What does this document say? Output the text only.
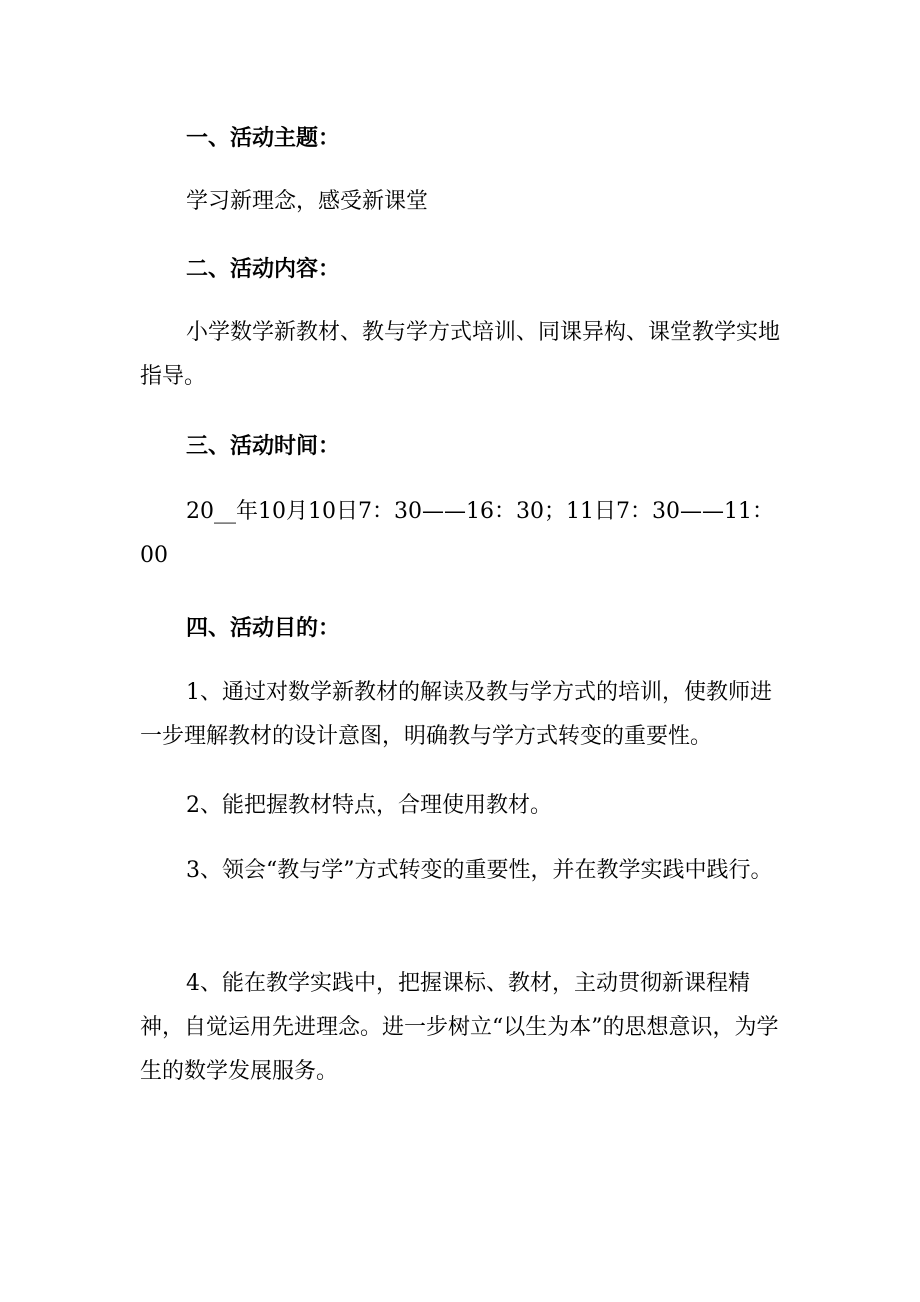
一、活动主题：

学习新理念，感受新课堂

二、活动内容：

小学数学新教材、教与学方式培训、同课异构、课堂教学实地指导。

三、活动时间：

20__年10月10日7：30——16：30；11日7：30——11：00

四、活动目的：

1、通过对数学新教材的解读及教与学方式的培训，使教师进一步理解教材的设计意图，明确教与学方式转变的重要性。

2、能把握教材特点，合理使用教材。

3、领会“教与学”方式转变的重要性，并在教学实践中践行。

4、能在教学实践中，把握课标、教材，主动贯彻新课程精神，自觉运用先进理念。进一步树立“以生为本”的思想意识，为学生的数学发展服务。
